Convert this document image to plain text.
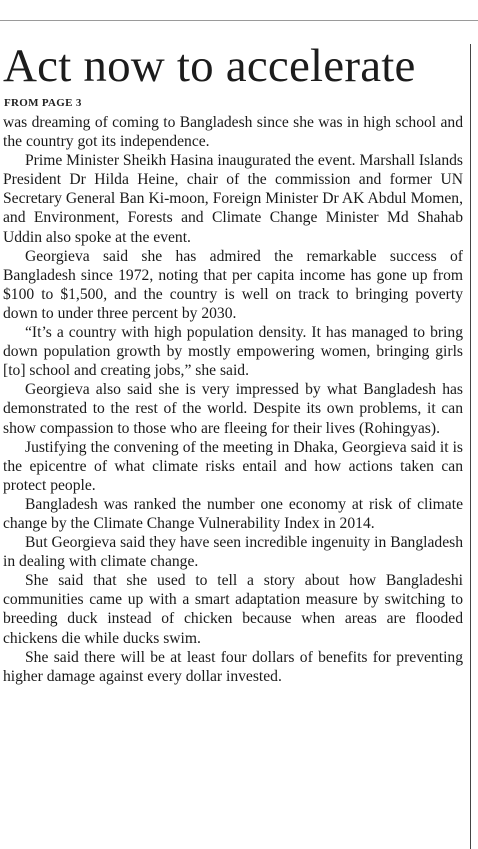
Act now to accelerate
FROM PAGE 3

was dreaming of coming to Bangladesh since she was in high school and the country got its independence.

Prime Minister Sheikh Hasina inaugurated the event. Marshall Islands President Dr Hilda Heine, chair of the commission and former UN Secretary General Ban Ki-moon, Foreign Minister Dr AK Abdul Momen, and Environment, Forests and Climate Change Minister Md Shahab Uddin also spoke at the event.

Georgieva said she has admired the remarkable success of Bangladesh since 1972, noting that per capita income has gone up from $100 to $1,500, and the country is well on track to bringing poverty down to under three percent by 2030.

“It’s a country with high population density. It has managed to bring down population growth by mostly empowering women, bringing girls [to] school and creating jobs,” she said.

Georgieva also said she is very impressed by what Bangladesh has demonstrated to the rest of the world. Despite its own problems, it can show compassion to those who are fleeing for their lives (Rohingyas).

Justifying the convening of the meeting in Dhaka, Georgieva said it is the epicentre of what climate risks entail and how actions taken can protect people.

Bangladesh was ranked the number one economy at risk of climate change by the Climate Change Vulnerability Index in 2014.

But Georgieva said they have seen incredible ingenuity in Bangladesh in dealing with climate change.

She said that she used to tell a story about how Bangladeshi communities came up with a smart adaptation measure by switching to breeding duck instead of chicken because when areas are flooded chickens die while ducks swim.

She said there will be at least four dollars of benefits for preventing higher damage against every dollar invested.
